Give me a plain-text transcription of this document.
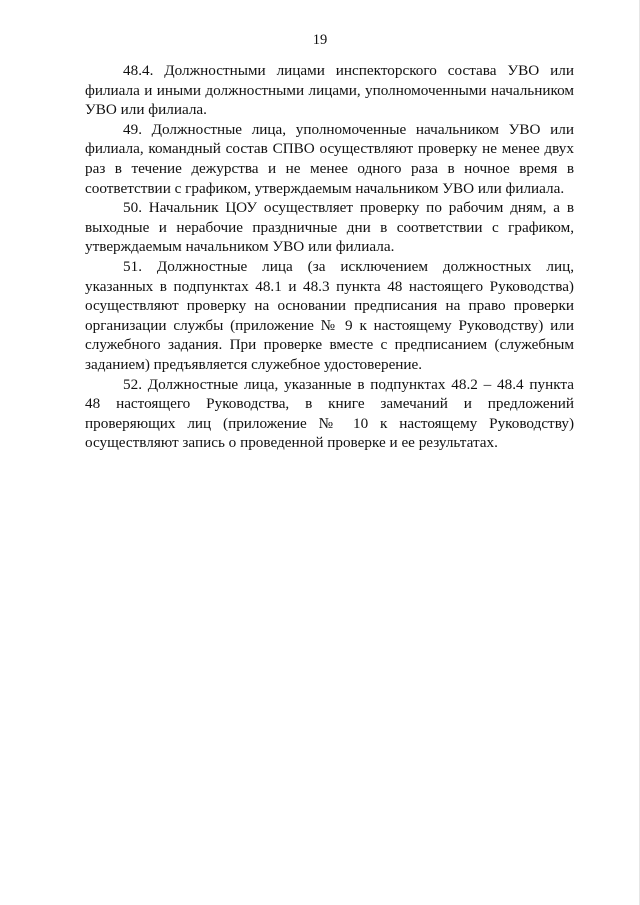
19

48.4. Должностными лицами инспекторского состава УВО или филиала и иными должностными лицами, уполномоченными начальником УВО или филиала.

49. Должностные лица, уполномоченные начальником УВО или филиала, командный состав СПВО осуществляют проверку не менее двух раз в течение дежурства и не менее одного раза в ночное время в соответствии с графиком, утверждаемым начальником УВО или филиала.

50. Начальник ЦОУ осуществляет проверку по рабочим дням, а в выходные и нерабочие праздничные дни в соответствии с графиком, утверждаемым начальником УВО или филиала.

51. Должностные лица (за исключением должностных лиц, указанных в подпунктах 48.1 и 48.3 пункта 48 настоящего Руководства) осуществляют проверку на основании предписания на право проверки организации службы (приложение № 9 к настоящему Руководству) или служебного задания. При проверке вместе с предписанием (служебным заданием) предъявляется служебное удостоверение.

52. Должностные лица, указанные в подпунктах 48.2 – 48.4 пункта 48 настоящего Руководства, в книге замечаний и предложений проверяющих лиц (приложение № 10 к настоящему Руководству) осуществляют запись о проведенной проверке и ее результатах.
